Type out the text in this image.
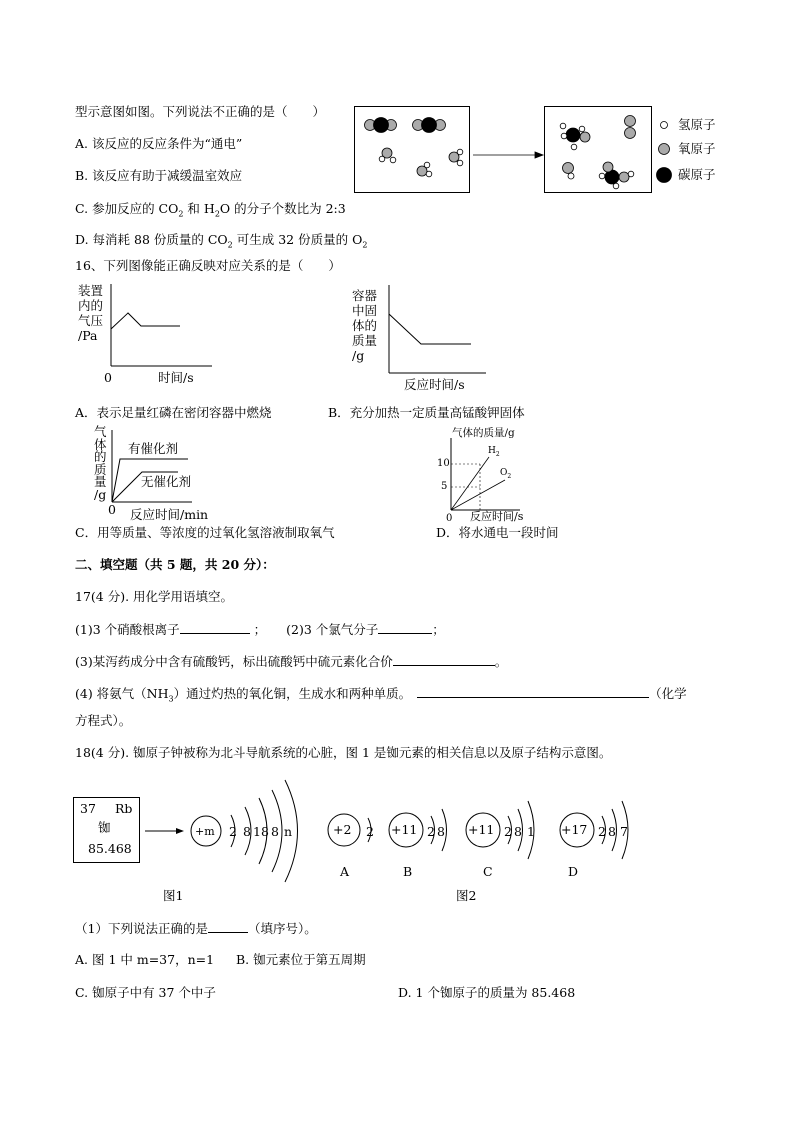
型示意图如图。下列说法不正确的是（　　）
A. 该反应的反应条件为“通电”
B. 该反应有助于减缓温室效应
C. 参加反应的 $CO_2$ 和 $H_2O$ 的分子个数比为 2:3
D. 每消耗 88 份质量的 $CO_2$ 可生成 32 份质量的 $O_2$
氢原子
氧原子
碳原子
16、下列图像能正确反映对应关系的是（　　）
装置
内的
气压
/Pa
0	时间/s
容器
中固
体的
质量
/g
反应时间/s
A．表示足量红磷在密闭容器中燃烧	B．充分加热一定质量高锰酸钾固体
气
体
的
质
量
/g
有催化剂
无催化剂
0 反应时间/min
气体的质量/g
10
5
0 反应时间/s
$H_2$
$O_2$
C．用等质量、等浓度的过氧化氢溶液制取氧气	D．将水通电一段时间
二、填空题（共 5 题，共 20 分）：
17(4 分). 用化学用语填空。
(1)3 个硝酸根离子	； (2)3 个氯气分子	；
(3)某泻药成分中含有硫酸钙，标出硫酸钙中硫元素化合价	。
(4) 将氨气$(NH_3)$通过灼热的氧化铜，生成水和两种单质。	（化学
方程式）。
18(4 分). 铷原子钟被称为北斗导航系统的心脏，图 1 是铷元素的相关信息以及原子结构示意图。
37 Rb
铷
85.468
+m 2 8 18 8 n	+2 2 +11 2 8 +11 2 8 1 +17 2 8 7
A	B	C	D
图1	图2
（1）下列说法正确的是	（填序号）。
A. 图 1 中 m=37，n=1 B. 铷元素位于第五周期
C. 铷原子中有 37 个中子	D. 1 个铷原子的质量为 85.468
